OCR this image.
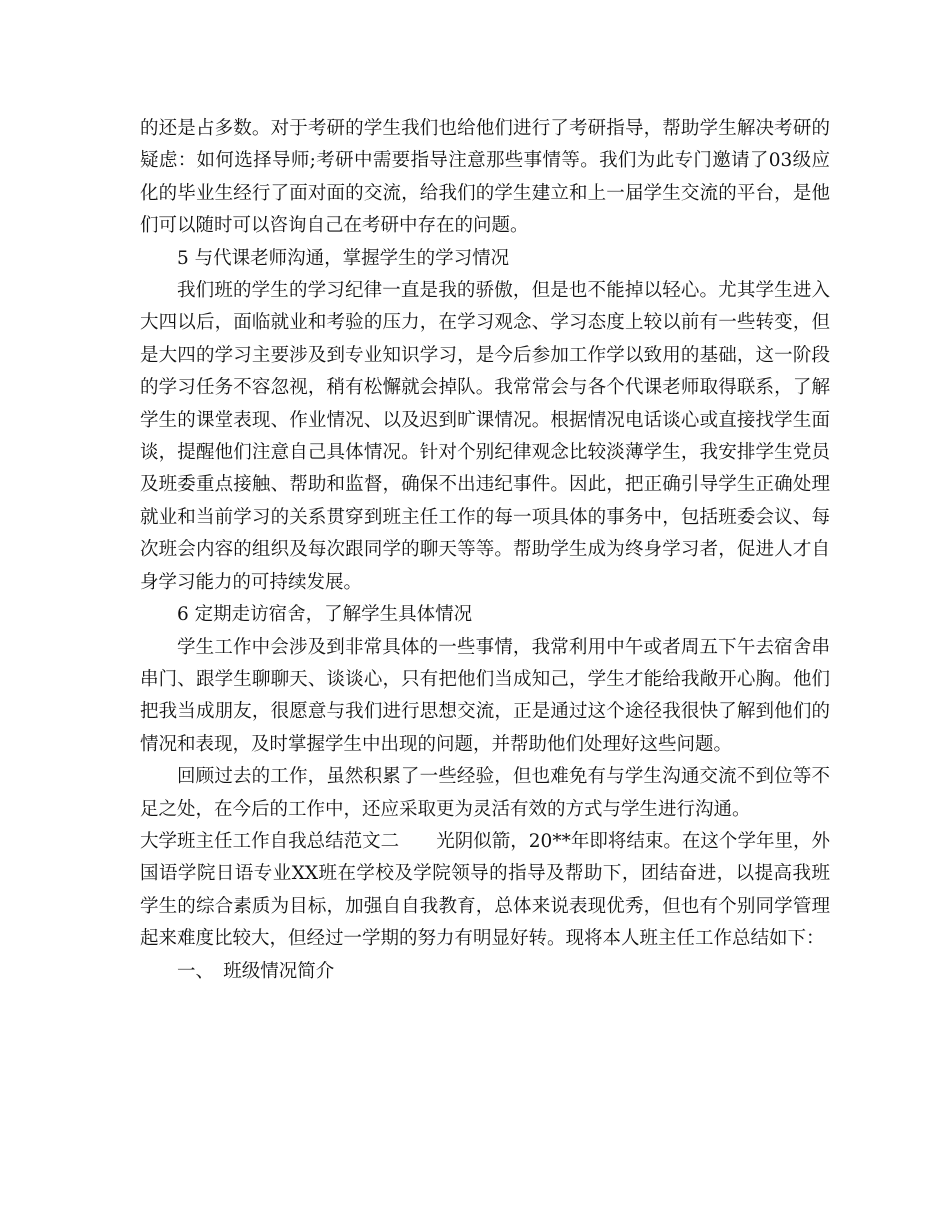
的还是占多数。对于考研的学生我们也给他们进行了考研指导，帮助学生解决考研的疑虑：如何选择导师;考研中需要指导注意那些事情等。我们为此专门邀请了03级应化的毕业生经行了面对面的交流，给我们的学生建立和上一届学生交流的平台，是他们可以随时可以咨询自己在考研中存在的问题。

5 与代课老师沟通，掌握学生的学习情况

我们班的学生的学习纪律一直是我的骄傲，但是也不能掉以轻心。尤其学生进入大四以后，面临就业和考验的压力，在学习观念、学习态度上较以前有一些转变，但是大四的学习主要涉及到专业知识学习，是今后参加工作学以致用的基础，这一阶段的学习任务不容忽视，稍有松懈就会掉队。我常常会与各个代课老师取得联系，了解学生的课堂表现、作业情况、以及迟到旷课情况。根据情况电话谈心或直接找学生面谈，提醒他们注意自己具体情况。针对个别纪律观念比较淡薄学生，我安排学生党员及班委重点接触、帮助和监督，确保不出违纪事件。因此，把正确引导学生正确处理就业和当前学习的关系贯穿到班主任工作的每一项具体的事务中，包括班委会议、每次班会内容的组织及每次跟同学的聊天等等。帮助学生成为终身学习者，促进人才自身学习能力的可持续发展。

6 定期走访宿舍，了解学生具体情况

学生工作中会涉及到非常具体的一些事情，我常利用中午或者周五下午去宿舍串串门、跟学生聊聊天、谈谈心，只有把他们当成知己，学生才能给我敞开心胸。他们把我当成朋友，很愿意与我们进行思想交流，正是通过这个途径我很快了解到他们的情况和表现，及时掌握学生中出现的问题，并帮助他们处理好这些问题。

回顾过去的工作，虽然积累了一些经验，但也难免有与学生沟通交流不到位等不足之处，在今后的工作中，还应采取更为灵活有效的方式与学生进行沟通。

大学班主任工作自我总结范文二　　光阴似箭，20**年即将结束。在这个学年里，外国语学院日语专业XX班在学校及学院领导的指导及帮助下，团结奋进，以提高我班学生的综合素质为目标，加强自自我教育，总体来说表现优秀，但也有个别同学管理起来难度比较大，但经过一学期的努力有明显好转。现将本人班主任工作总结如下：

一、　班级情况简介
